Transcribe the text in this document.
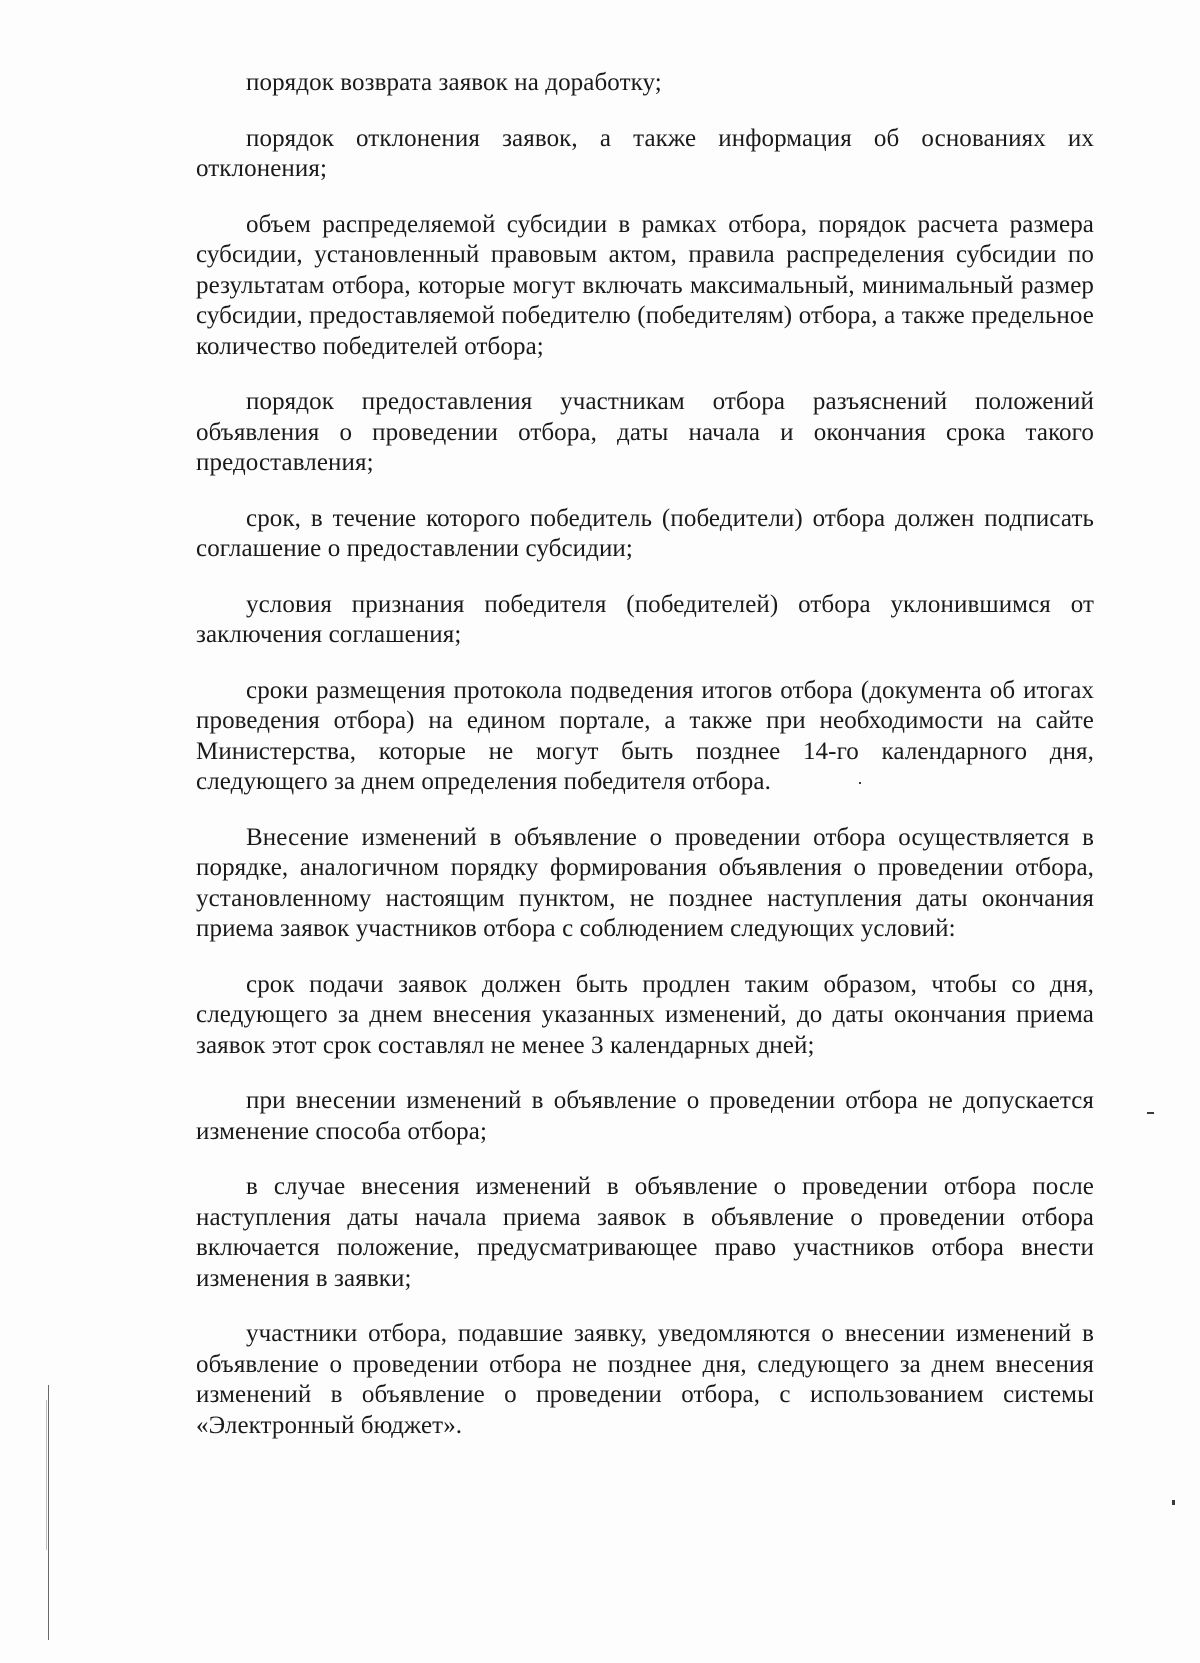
порядок возврата заявок на доработку;

порядок отклонения заявок, а также информация об основаниях их отклонения;

объем распределяемой субсидии в рамках отбора, порядок расчета размера субсидии, установленный правовым актом, правила распределения субсидии по результатам отбора, которые могут включать максимальный, минимальный размер субсидии, предоставляемой победителю (победителям) отбора, а также предельное количество победителей отбора;

порядок предоставления участникам отбора разъяснений положений объявления о проведении отбора, даты начала и окончания срока такого предоставления;

срок, в течение которого победитель (победители) отбора должен подписать соглашение о предоставлении субсидии;

условия признания победителя (победителей) отбора уклонившимся от заключения соглашения;

сроки размещения протокола подведения итогов отбора (документа об итогах проведения отбора) на едином портале, а также при необходимости на сайте Министерства, которые не могут быть позднее 14-го календарного дня, следующего за днем определения победителя отбора.

Внесение изменений в объявление о проведении отбора осуществляется в порядке, аналогичном порядку формирования объявления о проведении отбора, установленному настоящим пунктом, не позднее наступления даты окончания приема заявок участников отбора с соблюдением следующих условий:

срок подачи заявок должен быть продлен таким образом, чтобы со дня, следующего за днем внесения указанных изменений, до даты окончания приема заявок этот срок составлял не менее 3 календарных дней;

при внесении изменений в объявление о проведении отбора не допускается изменение способа отбора;

в случае внесения изменений в объявление о проведении отбора после наступления даты начала приема заявок в объявление о проведении отбора включается положение, предусматривающее право участников отбора внести изменения в заявки;

участники отбора, подавшие заявку, уведомляются о внесении изменений в объявление о проведении отбора не позднее дня, следующего за днем внесения изменений в объявление о проведении отбора, с использованием системы «Электронный бюджет».
